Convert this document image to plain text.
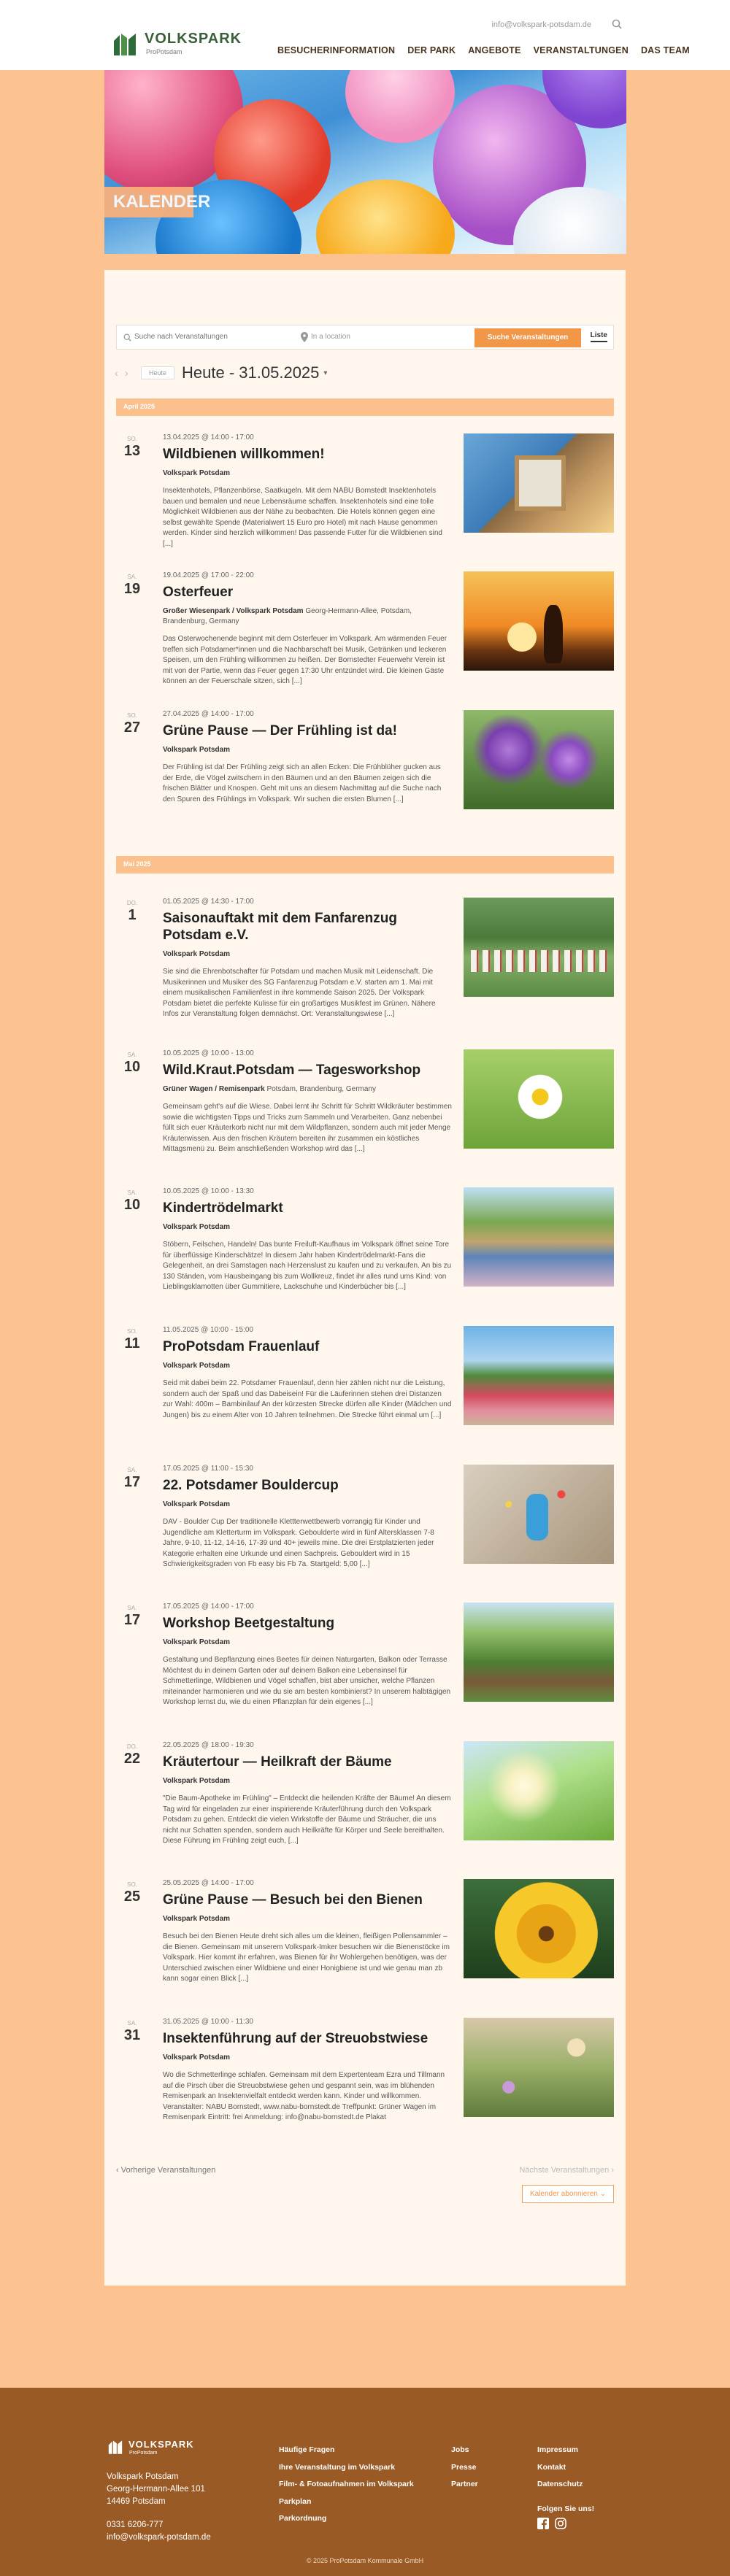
VOLKSPARK
ProPotsdam
info@volkspark-potsdam.de
BESUCHERINFORMATION DER PARK ANGEBOTE VERANSTALTUNGEN DAS TEAM
KALENDER
Suche nach Veranstaltungen
In a location	Suche Veranstaltungen	Liste
‹ ›	Heute Heute - 31.05.2025 ▾
April 2025
SO.
13
13.04.2025 @ 14:00 - 17:00
Wildbienen willkommen!
Volkspark Potsdam
Insektenhotels, Pflanzenbörse, Saatkugeln. Mit dem NABU Bornstedt Insektenhotels bauen und bemalen und neue Lebensräume schaffen. Insektenhotels sind eine tolle Möglichkeit Wildbienen aus der Nähe zu beobachten. Die Hotels können gegen eine selbst gewählte Spende (Materialwert 15 Euro pro Hotel) mit nach Hause genommen werden. Kinder sind herzlich willkommen! Das passende Futter für die Wildbienen sind [...]
SA.
19
19.04.2025 @ 17:00 - 22:00
Osterfeuer
Großer Wiesenpark / Volkspark Potsdam Georg-Hermann-Allee, Potsdam, Brandenburg, Germany
Das Osterwochenende beginnt mit dem Osterfeuer im Volkspark. Am wärmenden Feuer treffen sich Potsdamer*innen und die Nachbarschaft bei Musik, Getränken und leckeren Speisen, um den Frühling willkommen zu heißen. Der Bornstedter Feuerwehr Verein ist mit von der Partie, wenn das Feuer gegen 17:30 Uhr entzündet wird. Die kleinen Gäste können an der Feuerschale sitzen, sich [...]
SO.
27
27.04.2025 @ 14:00 - 17:00
Grüne Pause — Der Frühling ist da!
Volkspark Potsdam
Der Frühling ist da! Der Frühling zeigt sich an allen Ecken: Die Frühblüher gucken aus der Erde, die Vögel zwitschern in den Bäumen und an den Bäumen zeigen sich die frischen Blätter und Knospen. Geht mit uns an diesem Nachmittag auf die Suche nach den Spuren des Frühlings im Volkspark. Wir suchen die ersten Blumen [...]
Mai 2025
DO.
1
01.05.2025 @ 14:30 - 17:00
Saisonauftakt mit dem Fanfarenzug Potsdam e.V.
Volkspark Potsdam
Sie sind die Ehrenbotschafter für Potsdam und machen Musik mit Leidenschaft. Die Musikerinnen und Musiker des SG Fanfarenzug Potsdam e.V. starten am 1. Mai mit einem musikalischen Familienfest in ihre kommende Saison 2025. Der Volkspark Potsdam bietet die perfekte Kulisse für ein großartiges Musikfest im Grünen. Nähere Infos zur Veranstaltung folgen demnächst. Ort: Veranstaltungswiese [...]
SA.
10
10.05.2025 @ 10:00 - 13:00
Wild.Kraut.Potsdam — Tagesworkshop
Grüner Wagen / Remisenpark Potsdam, Brandenburg, Germany
Gemeinsam geht's auf die Wiese. Dabei lernt ihr Schritt für Schritt Wildkräuter bestimmen sowie die wichtigsten Tipps und Tricks zum Sammeln und Verarbeiten. Ganz nebenbei füllt sich euer Kräuterkorb nicht nur mit dem Wildpflanzen, sondern auch mit jeder Menge Kräuterwissen. Aus den frischen Kräutern bereiten ihr zusammen ein köstliches Mittagsmenü zu. Beim anschließenden Workshop wird das [...]
SA.
10
10.05.2025 @ 10:00 - 13:30
Kindertrödelmarkt
Volkspark Potsdam
Stöbern, Feilschen, Handeln! Das bunte Freiluft-Kaufhaus im Volkspark öffnet seine Tore für überflüssige Kinderschätze! In diesem Jahr haben Kindertrödelmarkt-Fans die Gelegenheit, an drei Samstagen nach Herzenslust zu kaufen und zu verkaufen. An bis zu 130 Ständen, vom Hausbeingang bis zum Wollkreuz, findet ihr alles rund ums Kind: von Lieblingsklamotten über Gummitiere, Lackschuhe und Kinderbücher bis [...]
SO.
11
11.05.2025 @ 10:00 - 15:00
ProPotsdam Frauenlauf
Volkspark Potsdam
Seid mit dabei beim 22. Potsdamer Frauenlauf, denn hier zählen nicht nur die Leistung, sondern auch der Spaß und das Dabeisein! Für die Läuferinnen stehen drei Distanzen zur Wahl: 400m – Bambinilauf An der kürzesten Strecke dürfen alle Kinder (Mädchen und Jungen) bis zu einem Alter von 10 Jahren teilnehmen. Die Strecke führt einmal um [...]
SA.
17
17.05.2025 @ 11:00 - 15:30
22. Potsdamer Bouldercup
Volkspark Potsdam
DAV - Boulder Cup Der traditionelle Klettterwettbewerb vorrangig für Kinder und Jugendliche am Kletterturm im Volkspark. Geboulderte wird in fünf Altersklassen 7-8 Jahre, 9-10, 11-12, 14-16, 17-39 und 40+ jeweils mine. Die drei Erstplatzierten jeder Kategorie erhalten eine Urkunde und einen Sachpreis. Gebouldert wird in 15 Schwierigkeitsgraden von Fb easy bis Fb 7a. Startgeld: 5,00 [...]
SA.
17
17.05.2025 @ 14:00 - 17:00
Workshop Beetgestaltung
Volkspark Potsdam
Gestaltung und Bepflanzung eines Beetes für deinen Naturgarten, Balkon oder Terrasse Möchtest du in deinem Garten oder auf deinem Balkon eine Lebensinsel für Schmetterlinge, Wildbienen und Vögel schaffen, bist aber unsicher, welche Pflanzen miteinander harmonieren und wie du sie am besten kombinierst? In unserem halbtägigen Workshop lernst du, wie du einen Pflanzplan für dein eigenes [...]
DO.
22
22.05.2025 @ 18:00 - 19:30
Kräutertour — Heilkraft der Bäume
Volkspark Potsdam
"Die Baum-Apotheke im Frühling" – Entdeckt die heilenden Kräfte der Bäume! An diesem Tag wird für eingeladen zur einer inspirierende Kräuterführung durch den Volkspark Potsdam zu gehen. Entdeckt die vielen Wirkstoffe der Bäume und Sträucher, die uns nicht nur Schatten spenden, sondern auch Heilkräfte für Körper und Seele bereithalten. Diese Führung im Frühling zeigt euch, [...]
SO.
25
25.05.2025 @ 14:00 - 17:00
Grüne Pause — Besuch bei den Bienen
Volkspark Potsdam
Besuch bei den Bienen Heute dreht sich alles um die kleinen, fleißigen Pollensammler – die Bienen. Gemeinsam mit unserem Volkspark-Imker besuchen wir die Bienenstöcke im Volkspark. Hier kommt ihr erfahren, was Bienen für ihr Wohlergehen benötigen, was der Unterschied zwischen einer Wildbiene und einer Honigbiene ist und wie genau man zb kann sogar einen Blick [...]
SA.
31
31.05.2025 @ 10:00 - 11:30
Insektenführung auf der Streuobstwiese
Volkspark Potsdam
Wo die Schmetterlinge schlafen. Gemeinsam mit dem Expertenteam Ezra und Tillmann auf die Pirsch über die Streuobstwiese gehen und gespannt sein, was im blühenden Remisenpark an Insektenvielfalt entdeckt werden kann. Kinder und willkommen. Veranstalter: NABU Bornstedt, www.nabu-bornstedt.de Treffpunkt: Grüner Wagen im Remisenpark Eintritt: frei Anmeldung: info@nabu-bornstedt.de Plakat
‹ Vorherige Veranstaltungen	Nächste Veranstaltungen ›
Kalender abonnieren ⌄
VOLKSPARK
ProPotsdam
Volkspark Potsdam
Georg-Hermann-Allee 101
14469 Potsdam
0331 6206-777
info@volkspark-potsdam.de
Häufige Fragen
Ihre Veranstaltung im Volkspark
Film- & Fotoaufnahmen im Volkspark
Parkplan
Parkordnung
Jobs
Presse
Partner
Impressum
Kontakt
Datenschutz
Folgen Sie uns!
© 2025 ProPotsdam Kommunale GmbH
